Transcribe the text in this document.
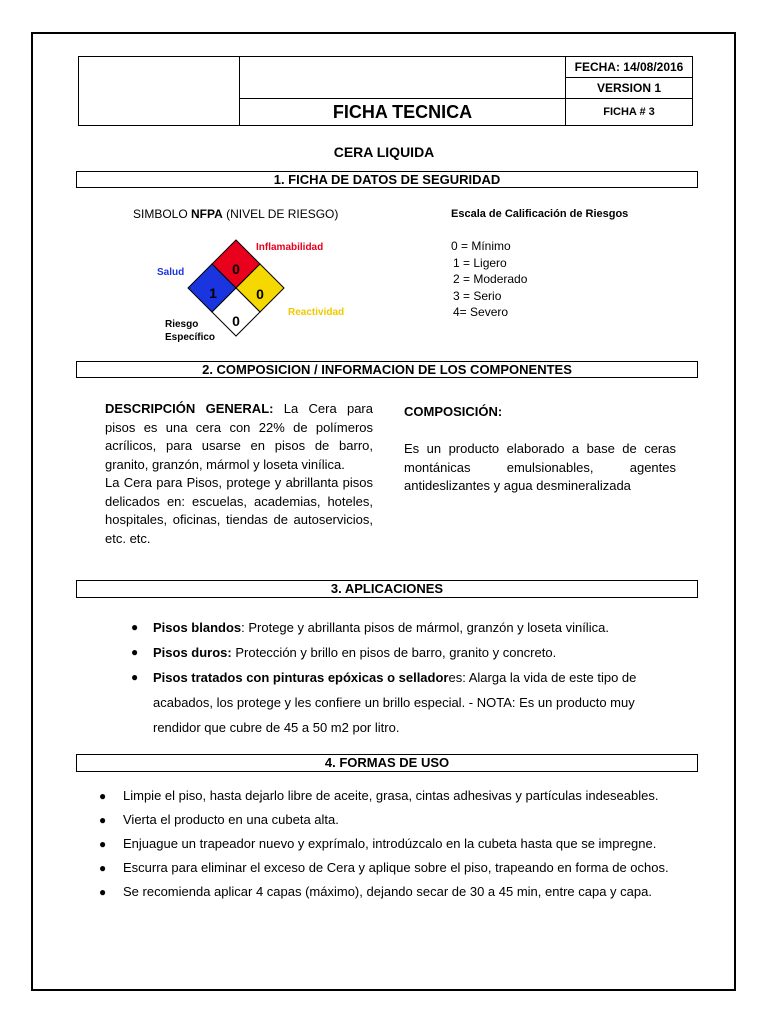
		FECHA: 14/08/2016
		VERSION 1
	FICHA TECNICA	FICHA # 3
CERA LIQUIDA
1. FICHA DE DATOS DE SEGURIDAD
SIMBOLO NFPA (NIVEL DE RIESGO)
0
1	0
0
Inflamabilidad
Salud
Reactividad
Riesgo
Específico
Escala de Calificación de Riesgos
0 = Mínimo
1 = Ligero
2 = Moderado
3 = Serio
4= Severo
2. COMPOSICION / INFORMACION DE LOS COMPONENTES
DESCRIPCIÓN GENERAL: La Cera para pisos es una cera con 22% de polímeros acrílicos, para usarse en pisos de barro, granito, granzón, mármol y loseta vinílica.
La Cera para Pisos, protege y abrillanta pisos delicados en: escuelas, academias, hoteles, hospitales, oficinas, tiendas de autoservicios, etc. etc.
COMPOSICIÓN:
Es un producto elaborado a base de ceras montánicas emulsionables, agentes antideslizantes y agua desmineralizada
3. APLICACIONES
● Pisos blandos: Protege y abrillanta pisos de mármol, granzón y loseta vinílica.
● Pisos duros: Protección y brillo en pisos de barro, granito y concreto.
● Pisos tratados con pinturas epóxicas o selladores: Alarga la vida de este tipo de acabados, los protege y les confiere un brillo especial. - NOTA: Es un producto muy rendidor que cubre de 45 a 50 m2 por litro.
4. FORMAS DE USO
● Limpie el piso, hasta dejarlo libre de aceite, grasa, cintas adhesivas y partículas indeseables.
● Vierta el producto en una cubeta alta.
● Enjuague un trapeador nuevo y exprímalo, introdúzcalo en la cubeta hasta que se impregne.
● Escurra para eliminar el exceso de Cera y aplique sobre el piso, trapeando en forma de ochos.
● Se recomienda aplicar 4 capas (máximo), dejando secar de 30 a 45 min, entre capa y capa.
